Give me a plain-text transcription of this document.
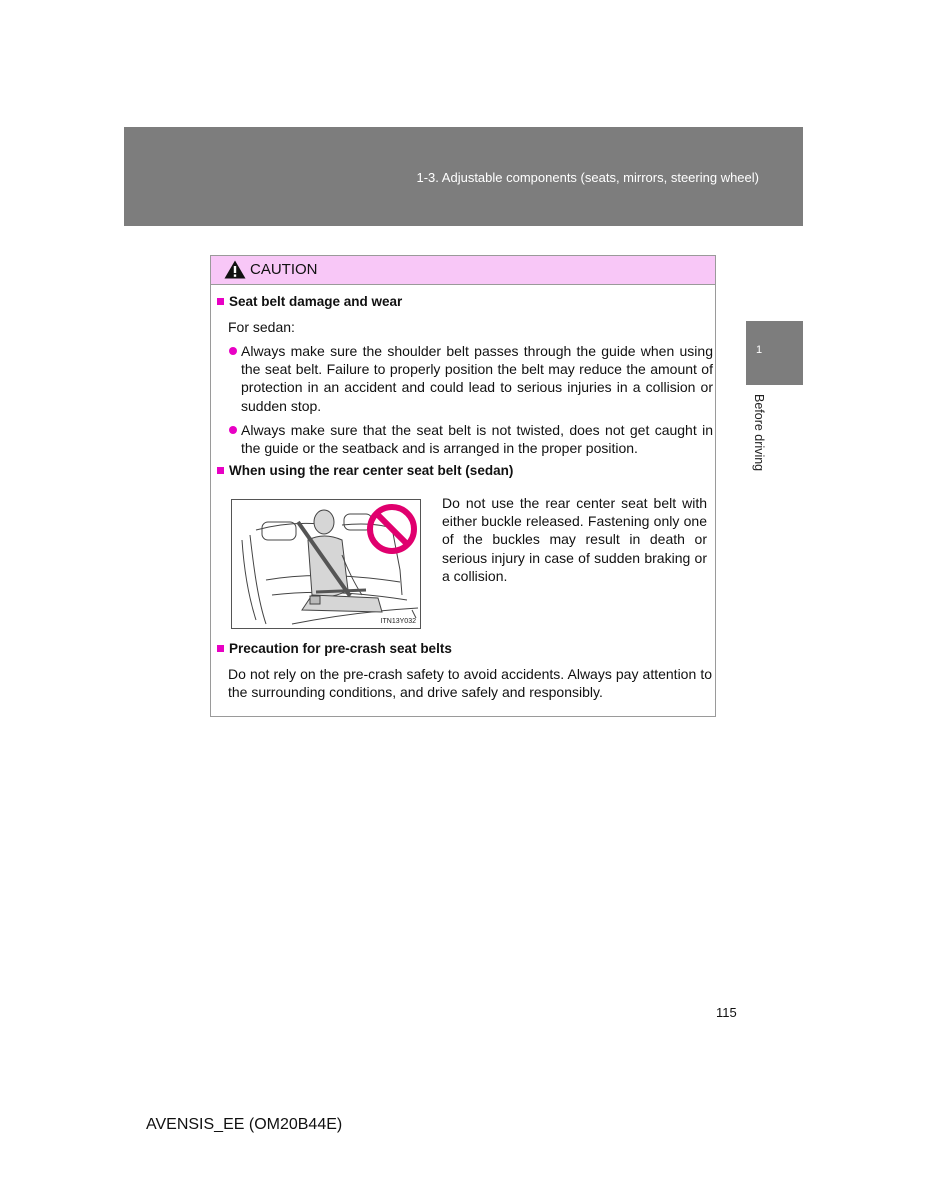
1-3. Adjustable components (seats, mirrors, steering wheel)
1
Before driving
CAUTION
Seat belt damage and wear
For sedan:
Always make sure the shoulder belt passes through the guide when using the seat belt. Failure to properly position the belt may reduce the amount of protection in an accident and could lead to serious injuries in a collision or sudden stop.
Always make sure that the seat belt is not twisted, does not get caught in the guide or the seatback and is arranged in the proper position.
When using the rear center seat belt (sedan)
ITN13Y032
Do not use the rear center seat belt with either buckle released. Fastening only one of the buckles may result in death or serious injury in case of sudden braking or a collision.
Precaution for pre-crash seat belts
Do not rely on the pre-crash safety to avoid accidents. Always pay attention to the surrounding conditions, and drive safely and responsibly.
115
AVENSIS_EE (OM20B44E)
